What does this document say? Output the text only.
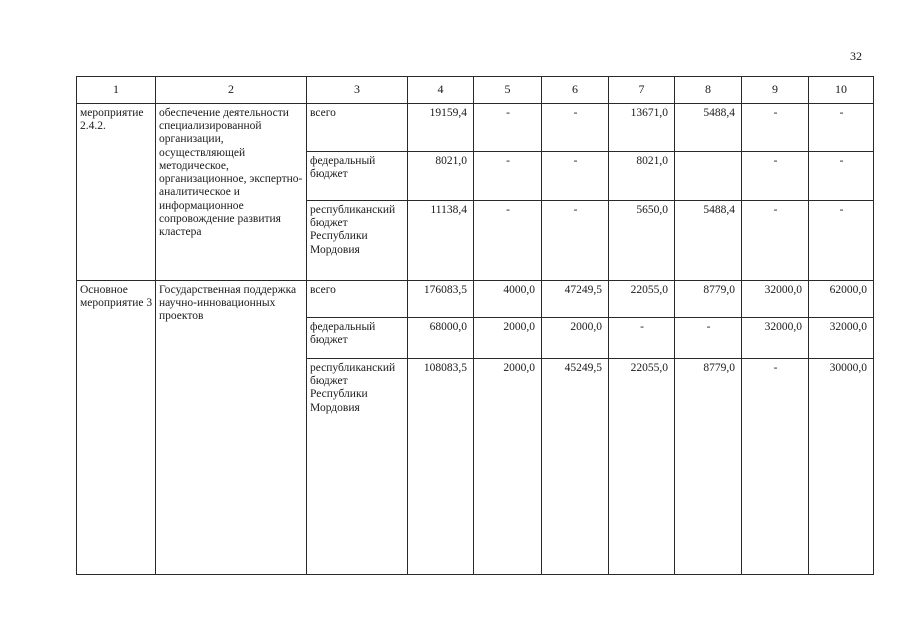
32
1	2	3	4	5	6	7	8	9	10
мероприятие 2.4.2.	обеспечение деятельности специализированной организации, осуществляющей методическое, организационное, экспертно-аналитическое и информационное сопровождение развития кластера	всего	19159,4	-	-	13671,0	5488,4	-	-
		федеральный бюджет	8021,0	-	-	8021,0		-	-
		республиканский бюджет Республики Мордовия	11138,4	-	-	5650,0	5488,4	-	-
Основное мероприятие 3	Государственная поддержка научно-инновационных проектов	всего	176083,5	4000,0	47249,5	22055,0	8779,0	32000,0	62000,0
		федеральный бюджет	68000,0	2000,0	2000,0	-	-	32000,0	32000,0
		республиканский бюджет Республики Мордовия	108083,5	2000,0	45249,5	22055,0	8779,0	-	30000,0
